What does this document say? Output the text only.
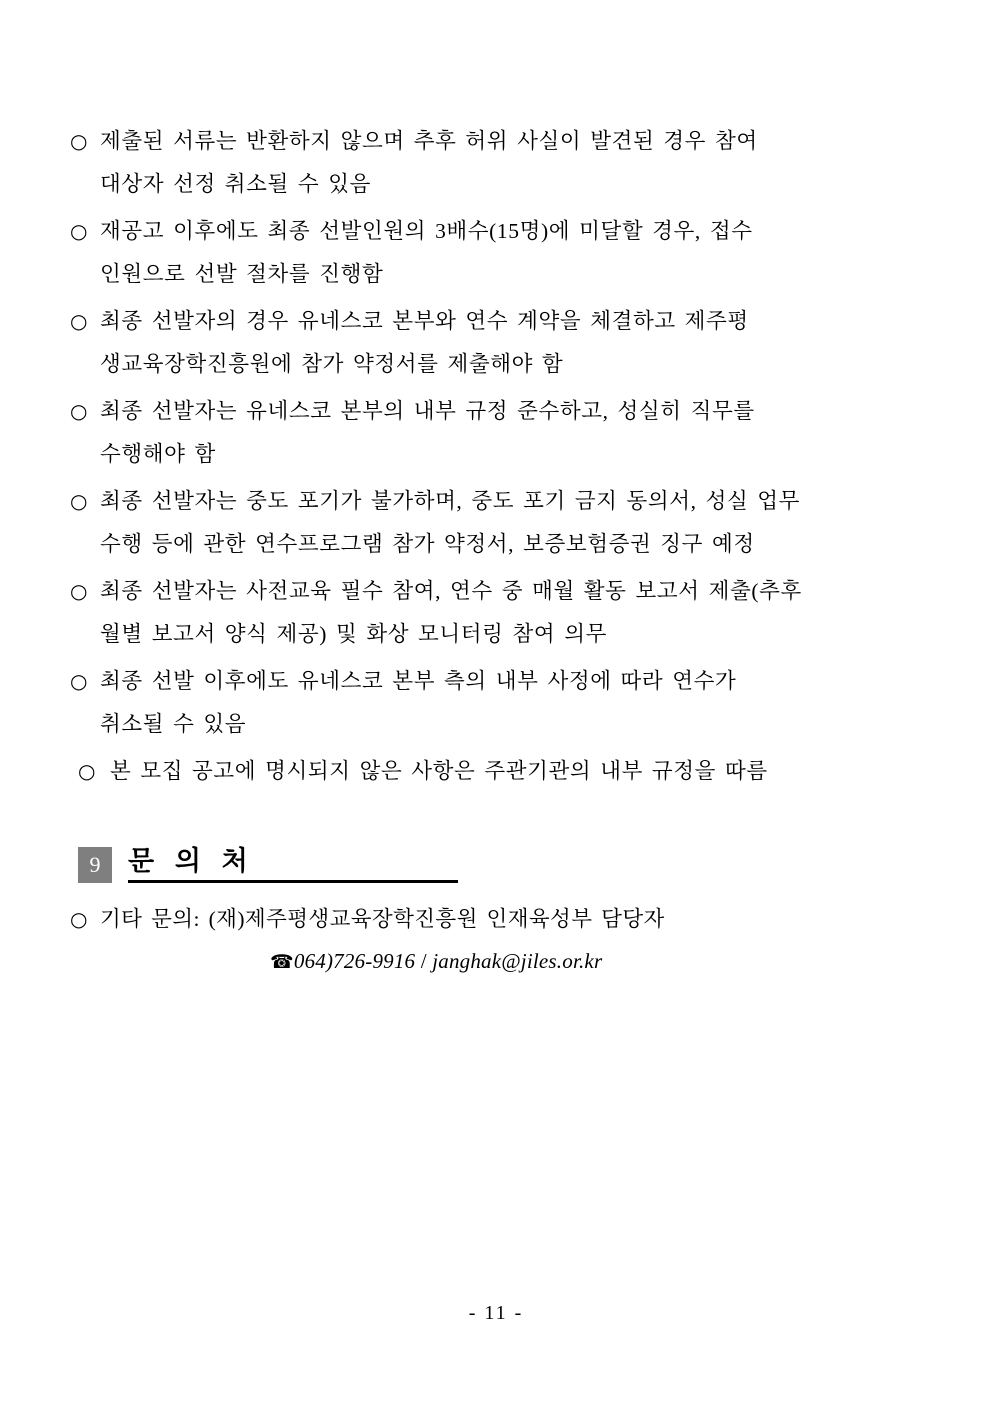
○ 제출된 서류는 반환하지 않으며 추후 허위 사실이 발견된 경우 참여
대상자 선정 취소될 수 있음
○ 재공고 이후에도 최종 선발인원의 3배수(15명)에 미달할 경우, 접수
인원으로 선발 절차를 진행함
○ 최종 선발자의 경우 유네스코 본부와 연수 계약을 체결하고 제주평
생교육장학진흥원에 참가 약정서를 제출해야 함
○ 최종 선발자는 유네스코 본부의 내부 규정 준수하고, 성실히 직무를
수행해야 함
○ 최종 선발자는 중도 포기가 불가하며, 중도 포기 금지 동의서, 성실 업무
수행 등에 관한 연수프로그램 참가 약정서, 보증보험증권 징구 예정
○ 최종 선발자는 사전교육 필수 참여, 연수 중 매월 활동 보고서 제출(추후
월별 보고서 양식 제공) 및 화상 모니터링 참여 의무
○ 최종 선발 이후에도 유네스코 본부 측의 내부 사정에 따라 연수가
취소될 수 있음
○ 본 모집 공고에 명시되지 않은 사항은 주관기관의 내부 규정을 따름
9	문 의 처
○ 기타 문의: (재)제주평생교육장학진흥원 인재육성부 담당자
☎064)726-9916 / janghak@jiles.or.kr
- 11 -
